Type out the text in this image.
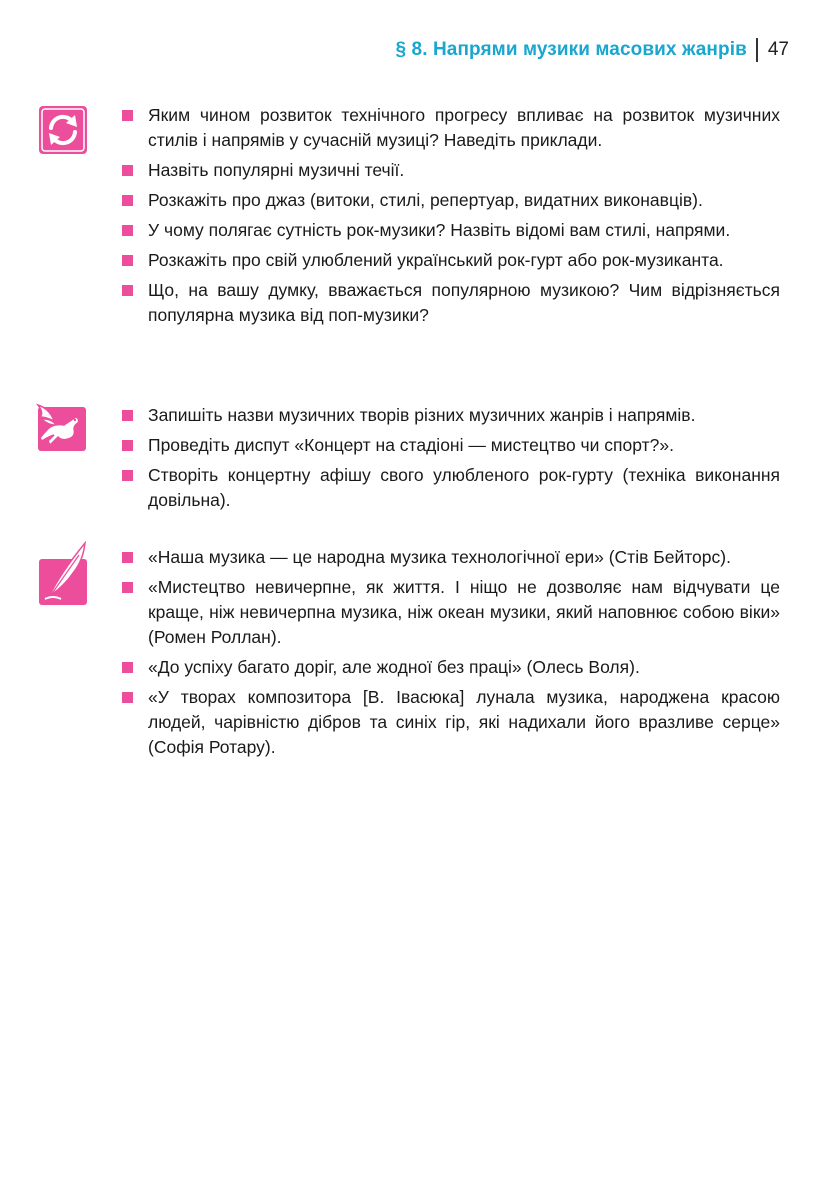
§ 8. Напрями музики масових жанрів 47
Яким чином розвиток технічного прогресу впливає на розвиток музичних стилів і напрямів у сучасній музиці? Наведіть приклади.
Назвіть популярні музичні течії.
Розкажіть про джаз (витоки, стилі, репертуар, видатних виконавців).
У чому полягає сутність рок-музики? Назвіть відомі вам стилі, напрями.
Розкажіть про свій улюблений український рок-гурт або рок-музиканта.
Що, на вашу думку, вважається популярною музикою? Чим відрізняється популярна музика від поп-музики?
Запишіть назви музичних творів різних музичних жанрів і напрямів.
Проведіть диспут «Концерт на стадіоні — мистецтво чи спорт?».
Створіть концертну афішу свого улюбленого рок-гурту (техніка виконання довільна).
«Наша музика — це народна музика технологічної ери» (Стів Бейторс).
«Мистецтво невичерпне, як життя. І ніщо не дозволяє нам відчувати це краще, ніж невичерпна музика, ніж океан музики, який наповнює собою віки» (Ромен Роллан).
«До успіху багато доріг, але жодної без праці» (Олесь Воля).
«У творах композитора [В. Івасюка] лунала музика, народжена красою людей, чарівністю дібров та синіх гір, які надихали його вразливе серце» (Софія Ротару).
